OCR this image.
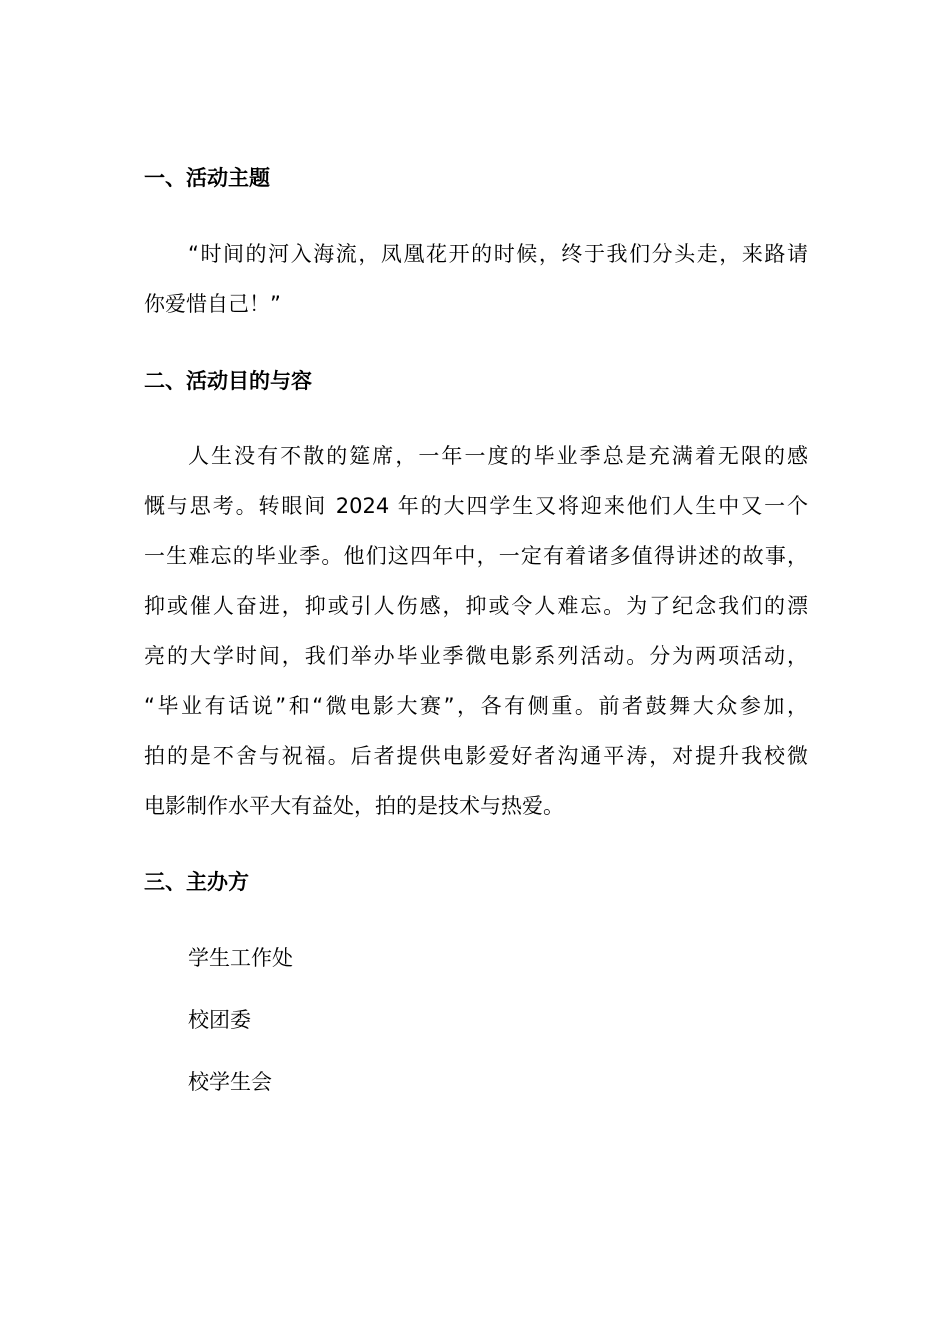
一、活动主题
“时间的河入海流，凤凰花开的时候，终于我们分头走，来路请
你爱惜自己！”
二、活动目的与容
人生没有不散的筵席，一年一度的毕业季总是充满着无限的感
慨与思考。转眼间 2024 年的大四学生又将迎来他们人生中又一个
一生难忘的毕业季。他们这四年中，一定有着诸多值得讲述的故事，
抑或催人奋进，抑或引人伤感，抑或令人难忘。为了纪念我们的漂
亮的大学时间，我们举办毕业季微电影系列活动。分为两项活动，
“毕业有话说”和“微电影大赛”，各有侧重。前者鼓舞大众参加，
拍的是不舍与祝福。后者提供电影爱好者沟通平涛，对提升我校微
电影制作水平大有益处，拍的是技术与热爱。
三、主办方
学生工作处
校团委
校学生会
